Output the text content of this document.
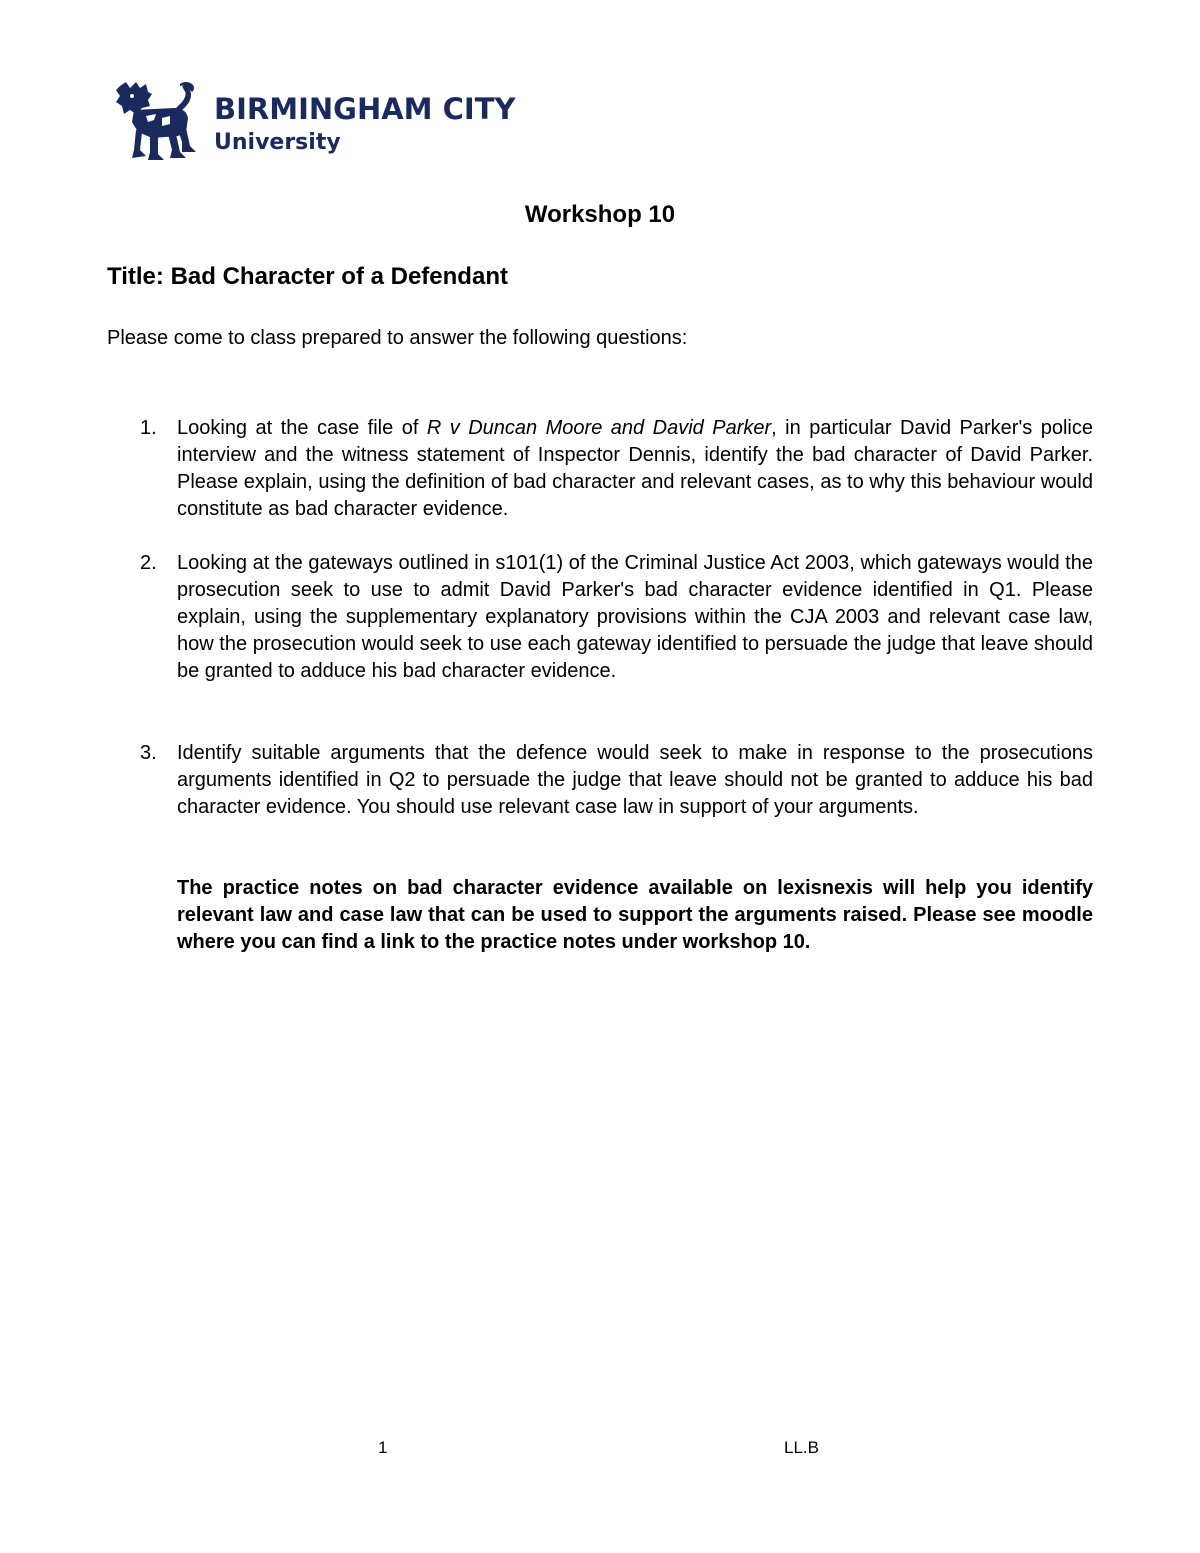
BIRMINGHAM CITY
University
Workshop 10
Title: Bad Character of a Defendant
Please come to class prepared to answer the following questions:
1. Looking at the case file of R v Duncan Moore and David Parker, in particular David Parker's police interview and the witness statement of Inspector Dennis, identify the bad character of David Parker. Please explain, using the definition of bad character and relevant cases, as to why this behaviour would constitute as bad character evidence.
2. Looking at the gateways outlined in s101(1) of the Criminal Justice Act 2003, which gateways would the prosecution seek to use to admit David Parker's bad character evidence identified in Q1. Please explain, using the supplementary explanatory provisions within the CJA 2003 and relevant case law, how the prosecution would seek to use each gateway identified to persuade the judge that leave should be granted to adduce his bad character evidence.
3. Identify suitable arguments that the defence would seek to make in response to the prosecutions arguments identified in Q2 to persuade the judge that leave should not be granted to adduce his bad character evidence. You should use relevant case law in support of your arguments.
The practice notes on bad character evidence available on lexisnexis will help you identify relevant law and case law that can be used to support the arguments raised. Please see moodle where you can find a link to the practice notes under workshop 10.
1	LL.B
